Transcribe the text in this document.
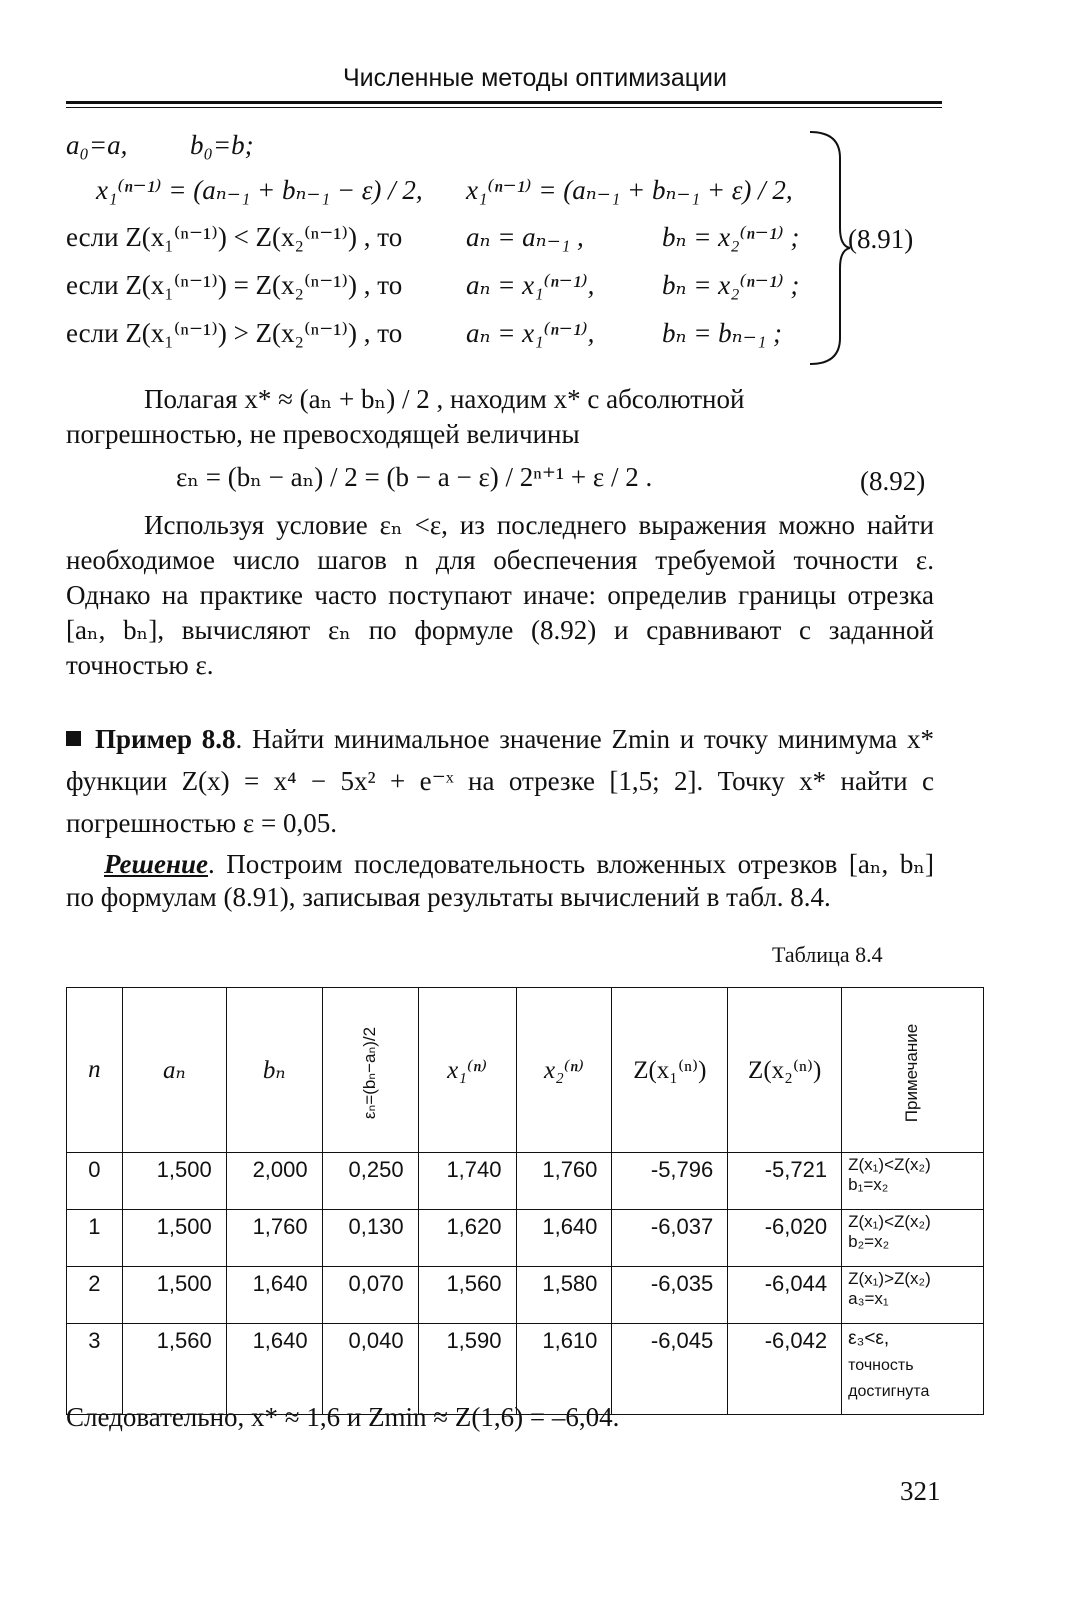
Численные методы оптимизации
a₀=a, b₀=b;
x₁⁽ⁿ⁻¹⁾ = (aₙ₋₁ + bₙ₋₁ − ε) / 2, x₁⁽ⁿ⁻¹⁾ = (aₙ₋₁ + bₙ₋₁ + ε) / 2,
если Z(x₁⁽ⁿ⁻¹⁾) < Z(x₂⁽ⁿ⁻¹⁾) , то aₙ = aₙ₋₁ ,	bₙ = x₂⁽ⁿ⁻¹⁾ ;
если Z(x₁⁽ⁿ⁻¹⁾) = Z(x₂⁽ⁿ⁻¹⁾) , то aₙ = x₁⁽ⁿ⁻¹⁾,	bₙ = x₂⁽ⁿ⁻¹⁾ ;
если Z(x₁⁽ⁿ⁻¹⁾) > Z(x₂⁽ⁿ⁻¹⁾) , то aₙ = x₁⁽ⁿ⁻¹⁾,	bₙ = bₙ₋₁ ;
(8.91)
Полагая x* ≈ (aₙ + bₙ) / 2 , находим x* с абсолютной
погрешностью, не превосходящей величины
εₙ = (bₙ − aₙ) / 2 = (b − a − ε) / 2ⁿ⁺¹ + ε / 2 .	(8.92)
Используя условие εₙ <ε, из последнего выражения можно найти необходимое число шагов n для обеспечения требуемой точности ε. Однако на практике часто поступают иначе: определив границы отрезка [aₙ, bₙ], вычисляют εₙ по формуле (8.92) и сравнивают с заданной точностью ε.
Пример 8.8. Найти минимальное значение Zmin и точку минимума x* функции Z(x) = x⁴ − 5x² + e⁻ˣ на отрезке [1,5; 2]. Точку x* найти с погрешностью ε = 0,05.
Решение. Построим последовательность вложенных отрезков [aₙ, bₙ] по формулам (8.91), записывая результаты вычислений в табл. 8.4.
Таблица 8.4
n	aₙ	bₙ	εₙ=(bₙ−aₙ)/2	x₁⁽ⁿ⁾	x₂⁽ⁿ⁾	Z(x₁⁽ⁿ⁾)	Z(x₂⁽ⁿ⁾)	Примечание
0	1,500	2,000	0,250	1,740	1,760	-5,796	-5,721	Z(x₁)<Z(x₂)
b₁=x₂
1	1,500	1,760	0,130	1,620	1,640	-6,037	-6,020	Z(x₁)<Z(x₂)
b₂=x₂
2	1,500	1,640	0,070	1,560	1,580	-6,035	-6,044	Z(x₁)>Z(x₂)
a₃=x₁
3	1,560	1,640	0,040	1,590	1,610	-6,045	-6,042	ε₃<ε,
точность достигнута
Следовательно, x* ≈ 1,6 и Zmin ≈ Z(1,6) = –6,04.
321
